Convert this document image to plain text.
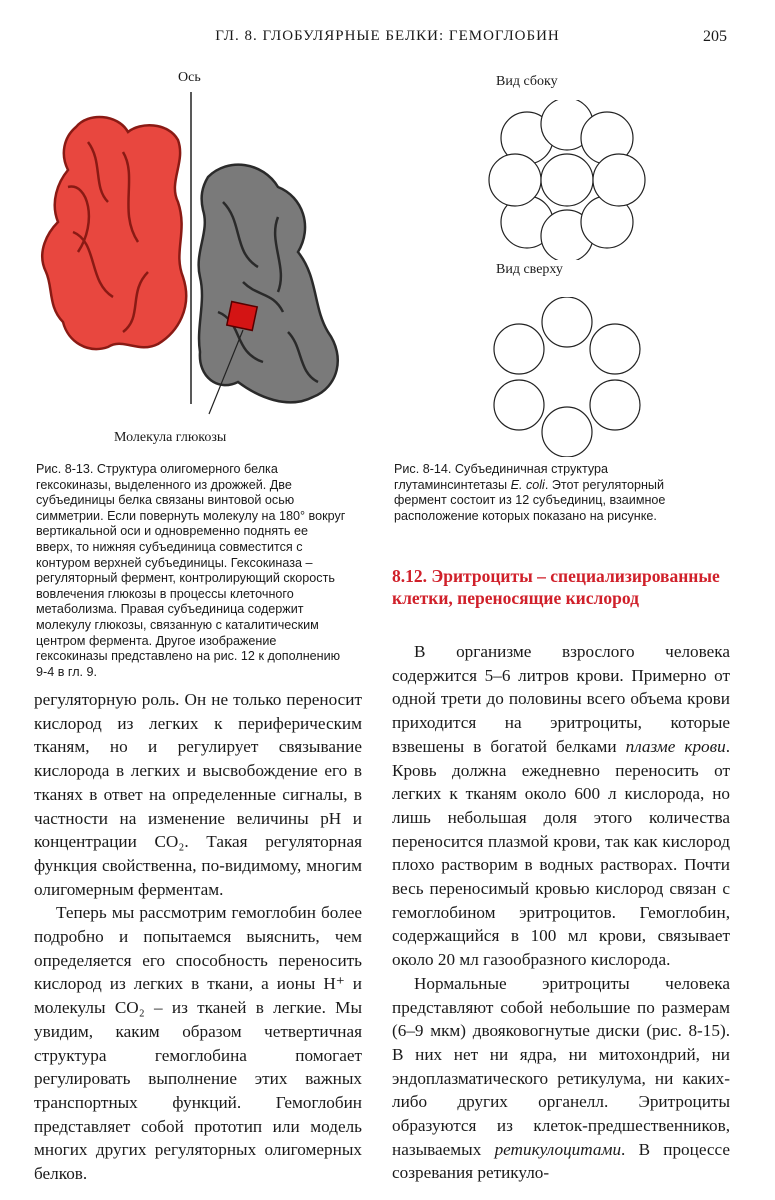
ГЛ. 8. ГЛОБУЛЯРНЫЕ БЕЛКИ: ГЕМОГЛОБИН	205
Ось
Молекула глюкозы
Рис. 8-13. Структура олигомерного белка гексокиназы, выделенного из дрожжей. Две субъединицы белка связаны винтовой осью симметрии. Если повернуть молекулу на 180° вокруг вертикальной оси и одновременно поднять ее вверх, то нижняя субъединица совместится с контуром верхней субъединицы. Гексокиназа – регуляторный фермент, контролирующий скорость вовлечения глюкозы в процессы клеточного метаболизма. Правая субъединица содержит молекулу глюкозы, связанную с каталитическим центром фермента. Другое изображение гексокиназы представлено на рис. 12 к дополнению 9-4 в гл. 9.
Вид сбоку
Вид сверху
Рис. 8-14. Субъединичная структура глутаминсинтетазы E. coli. Этот регуляторный фермент состоит из 12 субъединиц, взаимное расположение которых показано на рисунке.
8.12. Эритроциты – специализированные клетки, переносящие кислород

регуляторную роль. Он не только переносит кислород из легких к периферическим тканям, но и регулирует связывание кислорода в легких и высвобождение его в тканях в ответ на определенные сигналы, в частности на изменение величины pH и концентрации CO₂. Такая регуляторная функция свойственна, по-видимому, многим олигомерным ферментам.

Теперь мы рассмотрим гемоглобин более подробно и попытаемся выяснить, чем определяется его способность переносить кислород из легких в ткани, а ионы H⁺ и молекулы CO₂ – из тканей в легкие. Мы увидим, каким образом четвертичная структура гемоглобина помогает регулировать выполнение этих важных транспортных функций. Гемоглобин представляет собой прототип или модель многих других регуляторных олигомерных белков.

В организме взрослого человека содержится 5–6 литров крови. Примерно от одной трети до половины всего объема крови приходится на эритроциты, которые взвешены в богатой белками плазме крови. Кровь должна ежедневно переносить от легких к тканям около 600 л кислорода, но лишь небольшая доля этого количества переносится плазмой крови, так как кислород плохо растворим в водных растворах. Почти весь переносимый кровью кислород связан с гемоглобином эритроцитов. Гемоглобин, содержащийся в 100 мл крови, связывает около 20 мл газообразного кислорода.

Нормальные эритроциты человека представляют собой небольшие по размерам (6–9 мкм) двояковогнутые диски (рис. 8-15). В них нет ни ядра, ни митохондрий, ни эндоплазматического ретикулума, ни каких-либо других органелл. Эритроциты образуются из клеток-предшественников, называемых ретикулоцитами. В процессе созревания ретикуло-
